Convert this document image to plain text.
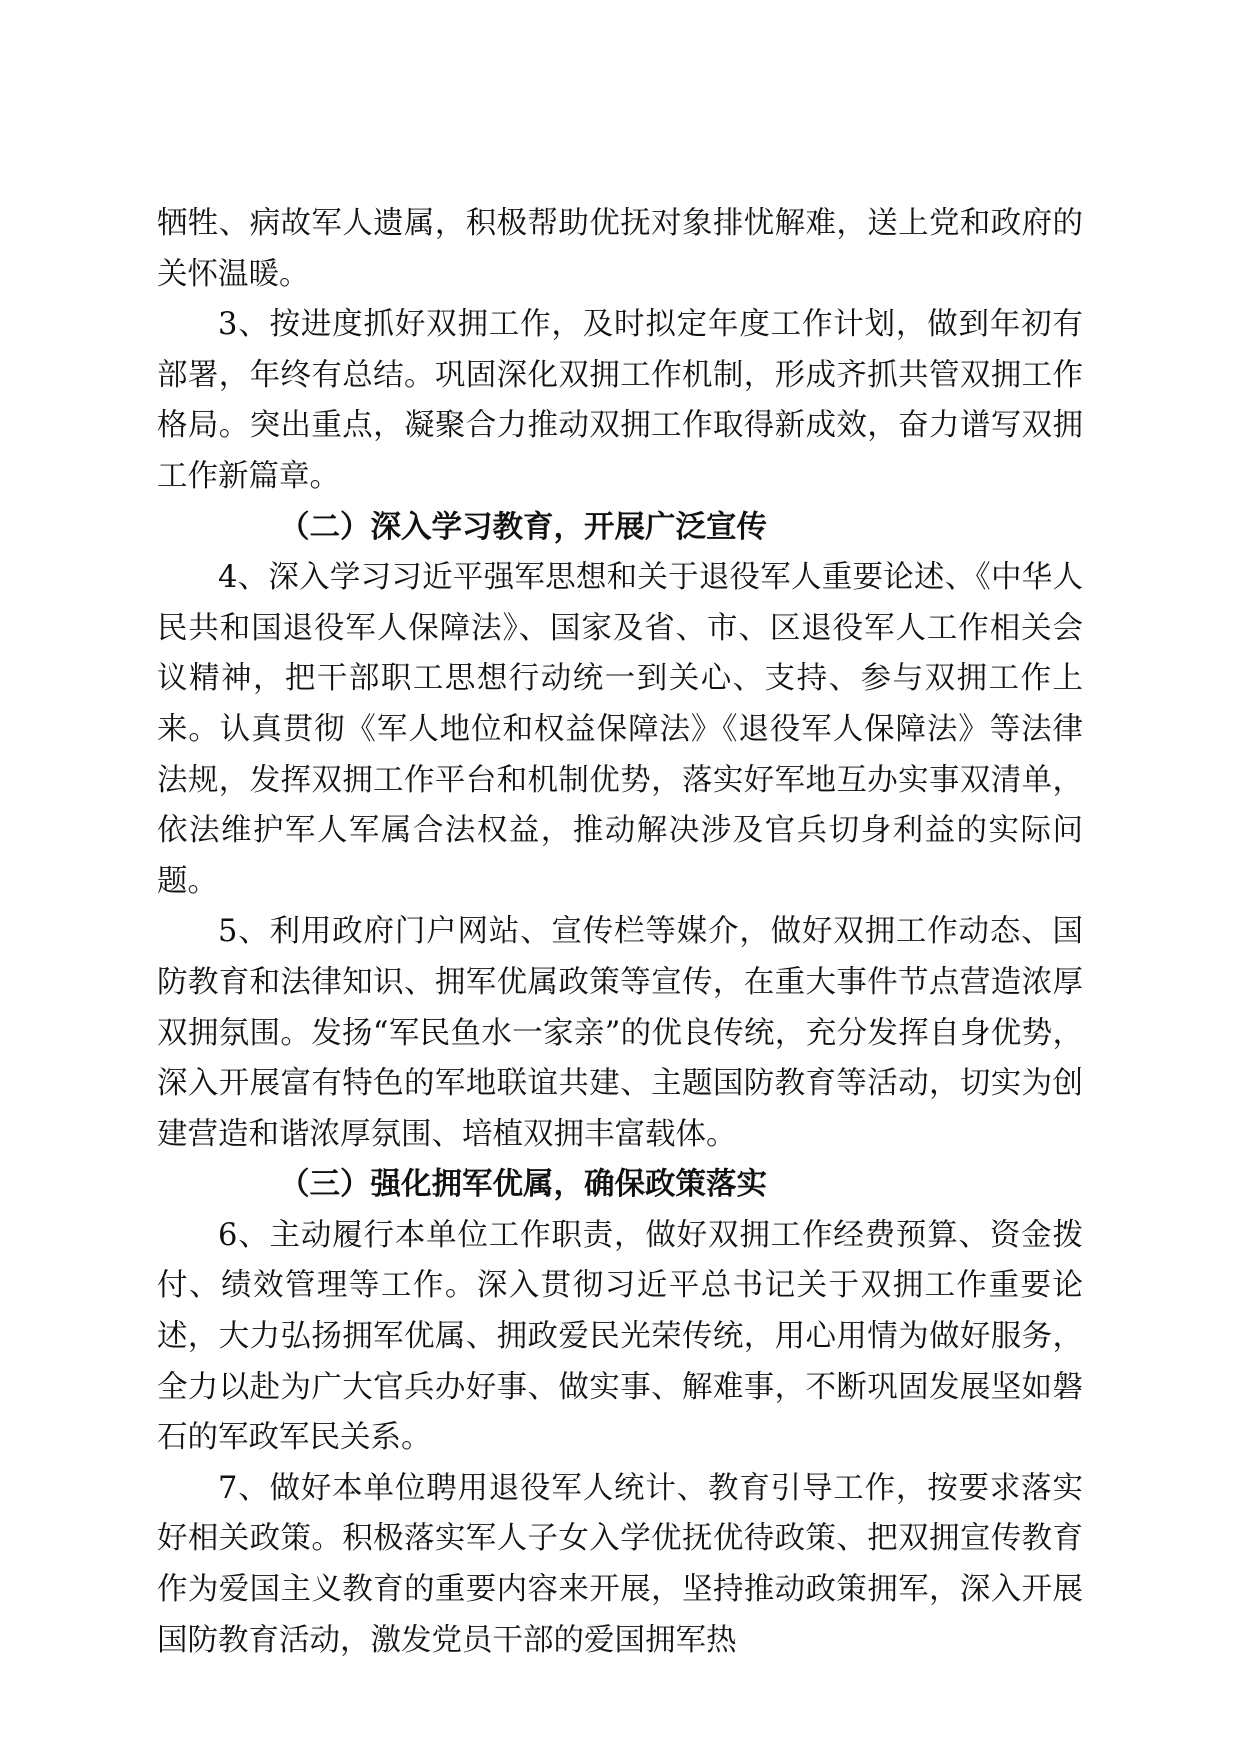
牺牲、病故军人遗属，积极帮助优抚对象排忧解难，送上党和政府的关怀温暖。

3、按进度抓好双拥工作，及时拟定年度工作计划，做到年初有部署，年终有总结。巩固深化双拥工作机制，形成齐抓共管双拥工作格局。突出重点，凝聚合力推动双拥工作取得新成效，奋力谱写双拥工作新篇章。

（二）深入学习教育，开展广泛宣传

4、深入学习习近平强军思想和关于退役军人重要论述、《中华人民共和国退役军人保障法》、国家及省、市、区退役军人工作相关会议精神，把干部职工思想行动统一到关心、支持、参与双拥工作上来。认真贯彻《军人地位和权益保障法》《退役军人保障法》等法律法规，发挥双拥工作平台和机制优势，落实好军地互办实事双清单，依法维护军人军属合法权益，推动解决涉及官兵切身利益的实际问题。

5、利用政府门户网站、宣传栏等媒介，做好双拥工作动态、国防教育和法律知识、拥军优属政策等宣传，在重大事件节点营造浓厚双拥氛围。发扬“军民鱼水一家亲”的优良传统，充分发挥自身优势，深入开展富有特色的军地联谊共建、主题国防教育等活动，切实为创建营造和谐浓厚氛围、培植双拥丰富载体。

（三）强化拥军优属，确保政策落实

6、主动履行本单位工作职责，做好双拥工作经费预算、资金拨付、绩效管理等工作。深入贯彻习近平总书记关于双拥工作重要论述，大力弘扬拥军优属、拥政爱民光荣传统，用心用情为做好服务，全力以赴为广大官兵办好事、做实事、解难事，不断巩固发展坚如磐石的军政军民关系。

7、做好本单位聘用退役军人统计、教育引导工作，按要求落实好相关政策。积极落实军人子女入学优抚优待政策、把双拥宣传教育作为爱国主义教育的重要内容来开展，坚持推动政策拥军，深入开展国防教育活动，激发党员干部的爱国拥军热
